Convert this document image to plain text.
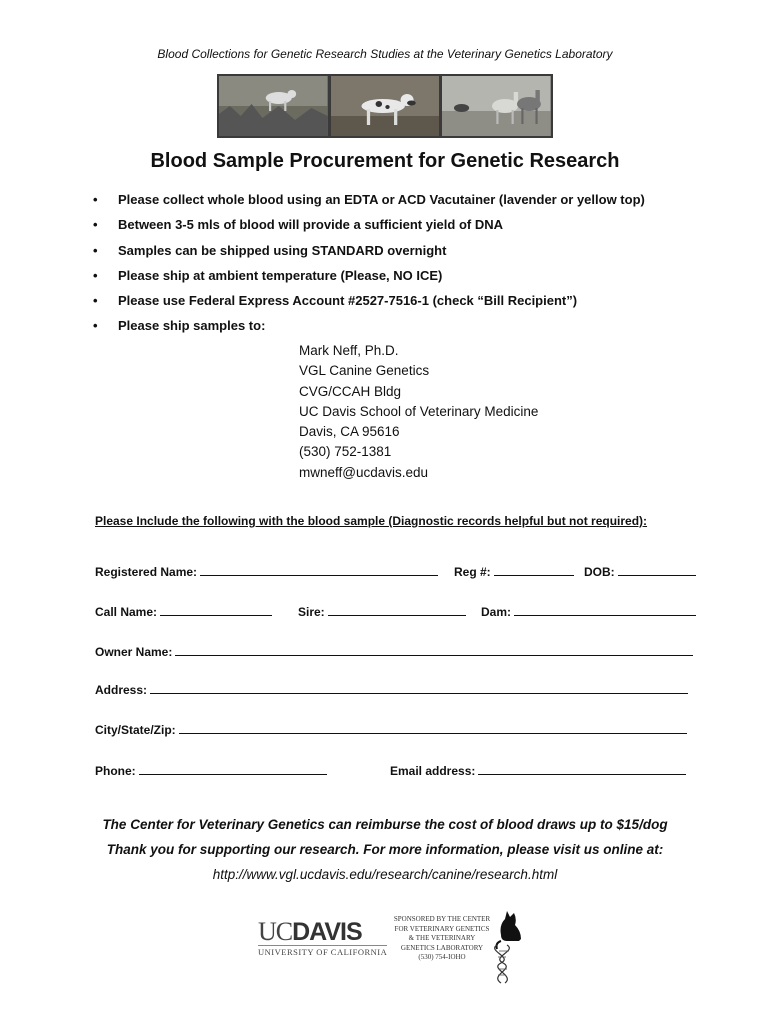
Blood Collections for Genetic Research Studies at the Veterinary Genetics Laboratory
Blood Sample Procurement for Genetic Research
• Please collect whole blood using an EDTA or ACD Vacutainer (lavender or yellow top)
• Between 3-5 mls of blood will provide a sufficient yield of DNA
• Samples can be shipped using STANDARD overnight
• Please ship at ambient temperature (Please, NO ICE)
• Please use Federal Express Account #2527-7516-1 (check “Bill Recipient”)
• Please ship samples to:
Mark Neff, Ph.D.
VGL Canine Genetics
CVG/CCAH Bldg
UC Davis School of Veterinary Medicine
Davis, CA 95616
(530) 752-1381
mwneff@ucdavis.edu
Please Include the following with the blood sample (Diagnostic records helpful but not required):
Registered Name:	Reg #:	DOB:
Call Name:	Sire:	Dam:
Owner Name:
Address:
City/State/Zip:
Phone:	Email address:
The Center for Veterinary Genetics can reimburse the cost of blood draws up to $15/dog
Thank you for supporting our research. For more information, please visit us online at:
http://www.vgl.ucdavis.edu/research/canine/research.html
UCDAVIS
UNIVERSITY OF CALIFORNIA
SPONSORED BY THE CENTER
FOR VETERINARY GENETICS
& THE VETERINARY
GENETICS LABORATORY
(530) 754-IOHO
